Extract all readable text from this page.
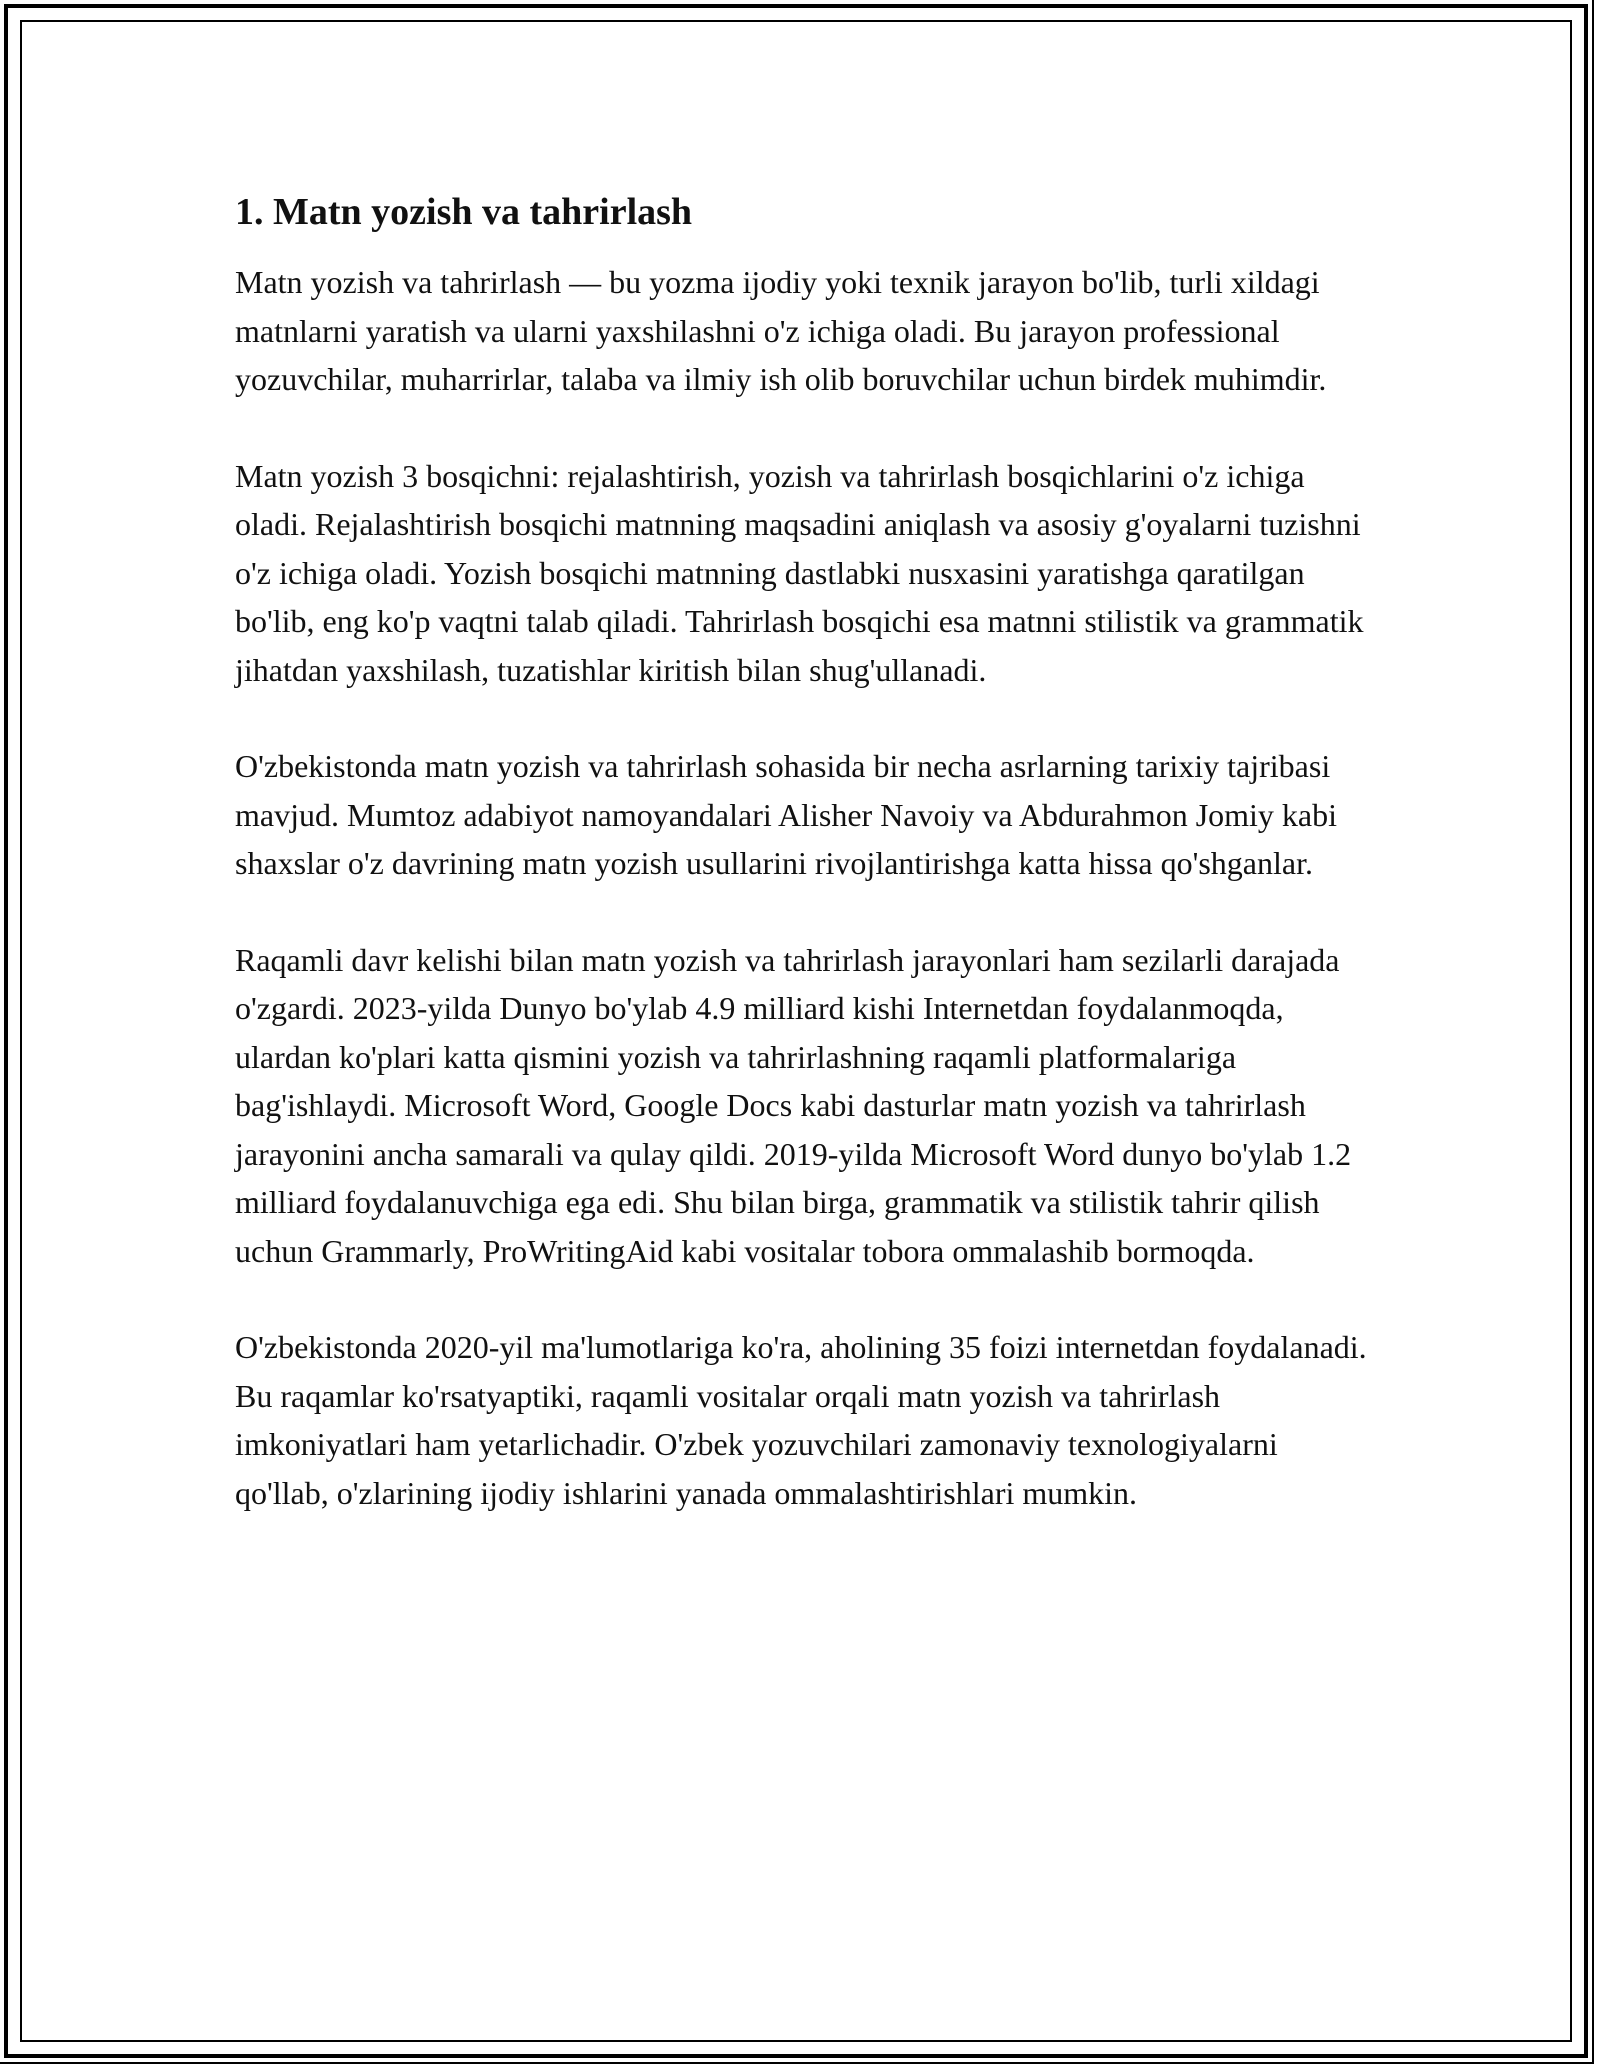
1. Matn yozish va tahrirlash

Matn yozish va tahrirlash — bu yozma ijodiy yoki texnik jarayon bo'lib, turli xildagi matnlarni yaratish va ularni yaxshilashni o'z ichiga oladi. Bu jarayon professional yozuvchilar, muharrirlar, talaba va ilmiy ish olib boruvchilar uchun birdek muhimdir.

Matn yozish 3 bosqichni: rejalashtirish, yozish va tahrirlash bosqichlarini o'z ichiga oladi. Rejalashtirish bosqichi matnning maqsadini aniqlash va asosiy g'oyalarni tuzishni o'z ichiga oladi. Yozish bosqichi matnning dastlabki nusxasini yaratishga qaratilgan bo'lib, eng ko'p vaqtni talab qiladi. Tahrirlash bosqichi esa matnni stilistik va grammatik jihatdan yaxshilash, tuzatishlar kiritish bilan shug'ullanadi.

O'zbekistonda matn yozish va tahrirlash sohasida bir necha asrlarning tarixiy tajribasi mavjud. Mumtoz adabiyot namoyandalari Alisher Navoiy va Abdurahmon Jomiy kabi shaxslar o'z davrining matn yozish usullarini rivojlantirishga katta hissa qo'shganlar.

Raqamli davr kelishi bilan matn yozish va tahrirlash jarayonlari ham sezilarli darajada o'zgardi. 2023-yilda Dunyo bo'ylab 4.9 milliard kishi Internetdan foydalanmoqda, ulardan ko'plari katta qismini yozish va tahrirlashning raqamli platformalariga bag'ishlaydi. Microsoft Word, Google Docs kabi dasturlar matn yozish va tahrirlash jarayonini ancha samarali va qulay qildi. 2019-yilda Microsoft Word dunyo bo'ylab 1.2 milliard foydalanuvchiga ega edi. Shu bilan birga, grammatik va stilistik tahrir qilish uchun Grammarly, ProWritingAid kabi vositalar tobora ommalashib bormoqda.

O'zbekistonda 2020-yil ma'lumotlariga ko'ra, aholining 35 foizi internetdan foydalanadi. Bu raqamlar ko'rsatyaptiki, raqamli vositalar orqali matn yozish va tahrirlash imkoniyatlari ham yetarlichadir. O'zbek yozuvchilari zamonaviy texnologiyalarni qo'llab, o'zlarining ijodiy ishlarini yanada ommalashtirishlari mumkin.
